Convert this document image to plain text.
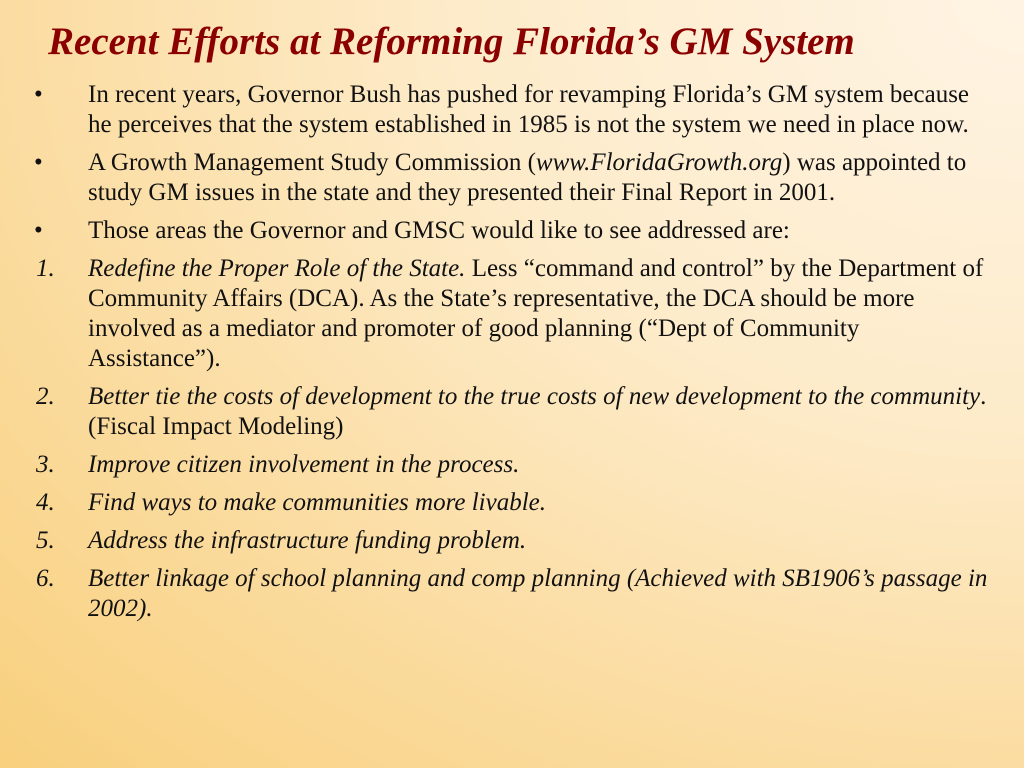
Recent Efforts at Reforming Florida’s GM System
•	In recent years, Governor Bush has pushed for revamping Florida’s GM system because he perceives that the system established in 1985 is not the system we need in place now.
•	A Growth Management Study Commission (www.FloridaGrowth.org) was appointed to study GM issues in the state and they presented their Final Report in 2001.
•	Those areas the Governor and GMSC would like to see addressed are:
1.	Redefine the Proper Role of the State. Less “command and control” by the Department of Community Affairs (DCA). As the State’s representative, the DCA should be more involved as a mediator and promoter of good planning (“Dept of Community Assistance”).
2.	Better tie the costs of development to the true costs of new development to the community. (Fiscal Impact Modeling)
3.	Improve citizen involvement in the process.
4.	Find ways to make communities more livable.
5.	Address the infrastructure funding problem.
6.	Better linkage of school planning and comp planning (Achieved with SB1906’s passage in 2002).
